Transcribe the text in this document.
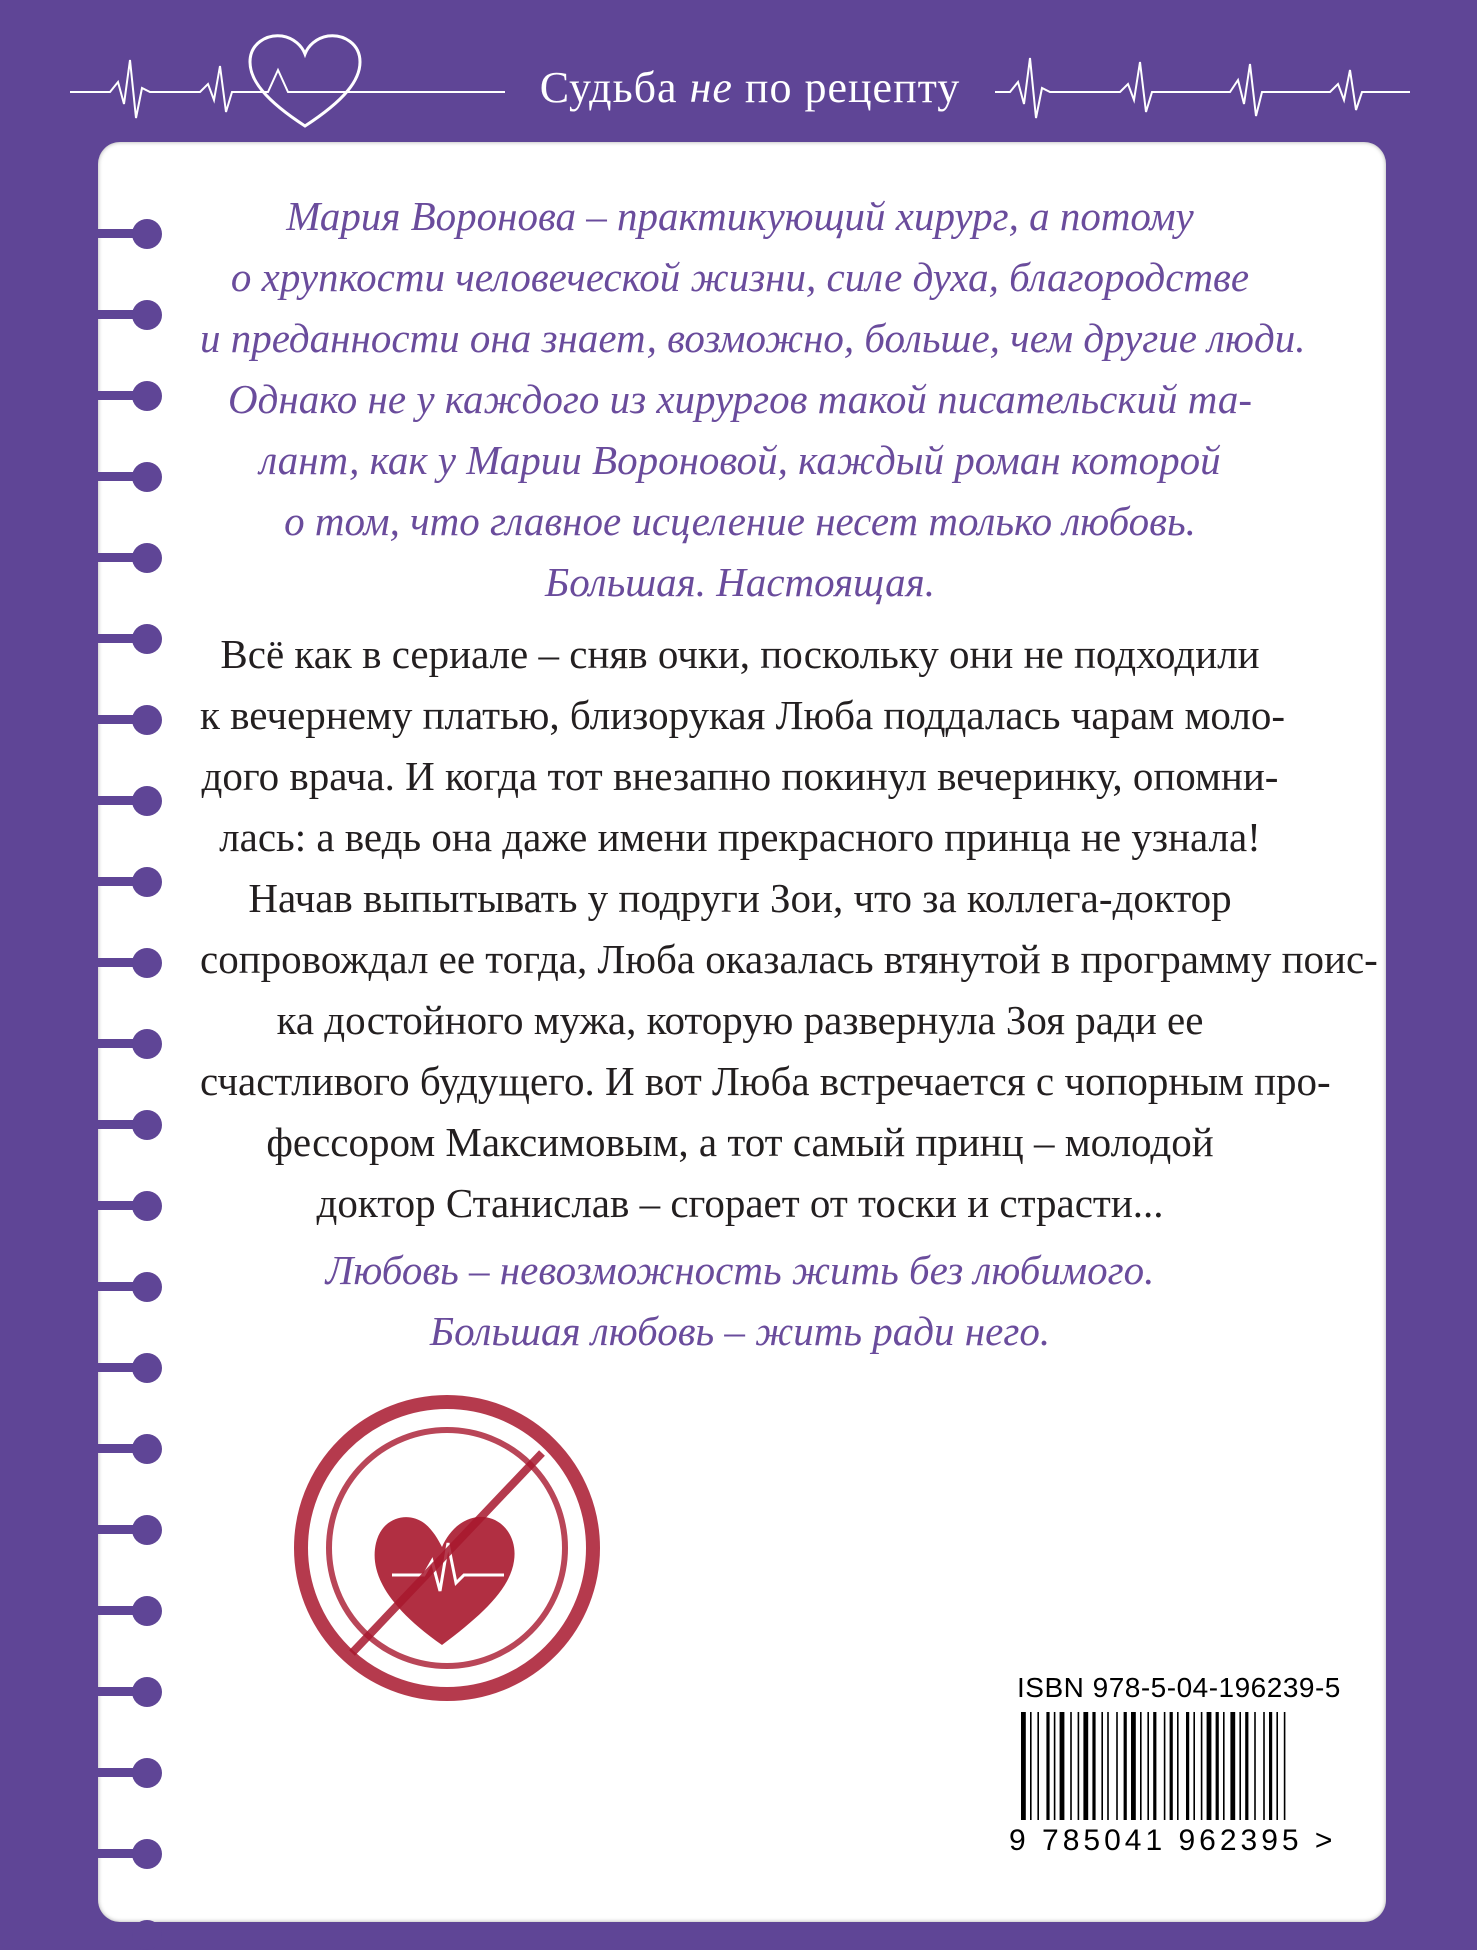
Судьба не по рецепту
Мария Воронова – практикующий хирург, а потому
о хрупкости человеческой жизни, силе духа, благородстве
и преданности она знает, возможно, больше, чем другие люди.
Однако не у каждого из хирургов такой писательский та-
лант, как у Марии Вороновой, каждый роман которой
о том, что главное исцеление несет только любовь.
Большая. Настоящая.
Всё как в сериале – сняв очки, поскольку они не подходили
к вечернему платью, близорукая Люба поддалась чарам моло-
дого врача. И когда тот внезапно покинул вечеринку, опомни-
лась: а ведь она даже имени прекрасного принца не узнала!
Начав выпытывать у подруги Зои, что за коллега-доктор
сопровождал ее тогда, Люба оказалась втянутой в программу поис-
ка достойного мужа, которую развернула Зоя ради ее
счастливого будущего. И вот Люба встречается с чопорным про-
фессором Максимовым, а тот самый принц – молодой
доктор Станислав – сгорает от тоски и страсти...
Любовь – невозможность жить без любимого.
Большая любовь – жить ради него.
ISBN 978-5-04-196239-5
9 785041 962395 >
